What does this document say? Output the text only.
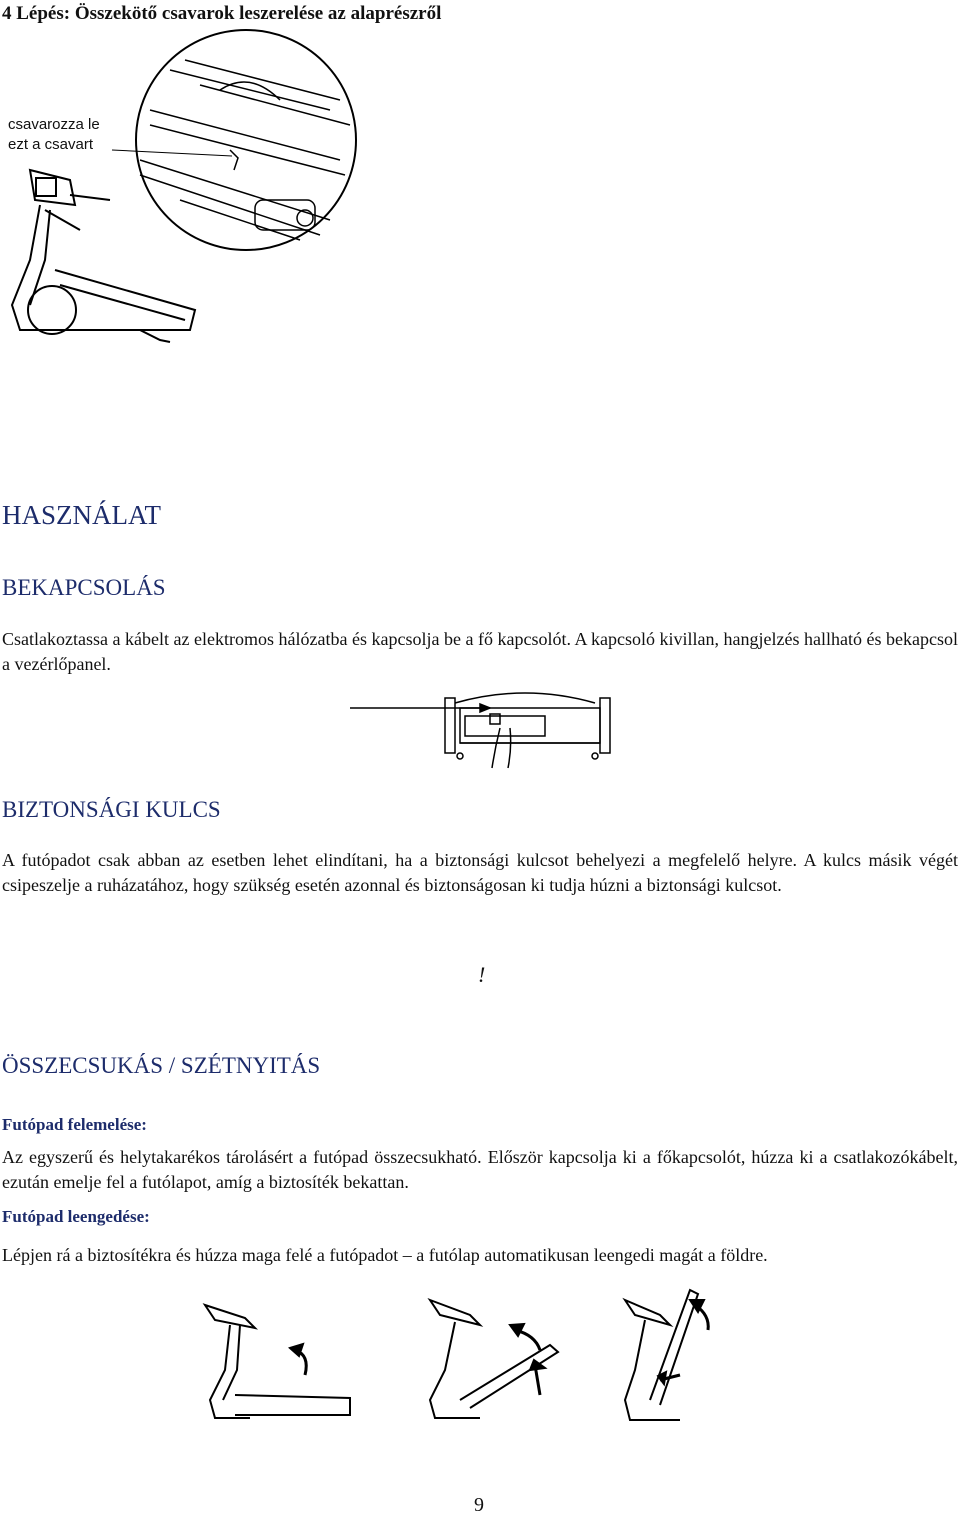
4 Lépés: Összekötő csavarok leszerelése az alaprészről
csavarozza le
ezt a csavart
HASZNÁLAT
BEKAPCSOLÁS
Csatlakoztassa a kábelt az elektromos hálózatba és kapcsolja be a fő kapcsolót. A kapcsoló kivillan, hangjelzés hallható és bekapcsol a vezérlőpanel.
BIZTONSÁGI KULCS
A futópadot csak abban az esetben lehet elindítani, ha a biztonsági kulcsot behelyezi a megfelelő helyre. A kulcs másik végét csipeszelje a ruházatához, hogy szükség esetén azonnal és biztonságosan ki tudja húzni a biztonsági kulcsot.
!
ÖSSZECSUKÁS / SZÉTNYITÁS
Futópad felemelése:
Az egyszerű és helytakarékos tárolásért a futópad összecsukható. Először kapcsolja ki a főkapcsolót, húzza ki a csatlakozókábelt, ezután emelje fel a futólapot, amíg a biztosíték bekattan.
Futópad leengedése:
Lépjen rá a biztosítékra és húzza maga felé a futópadot – a futólap automatikusan leengedi magát a földre.
9
